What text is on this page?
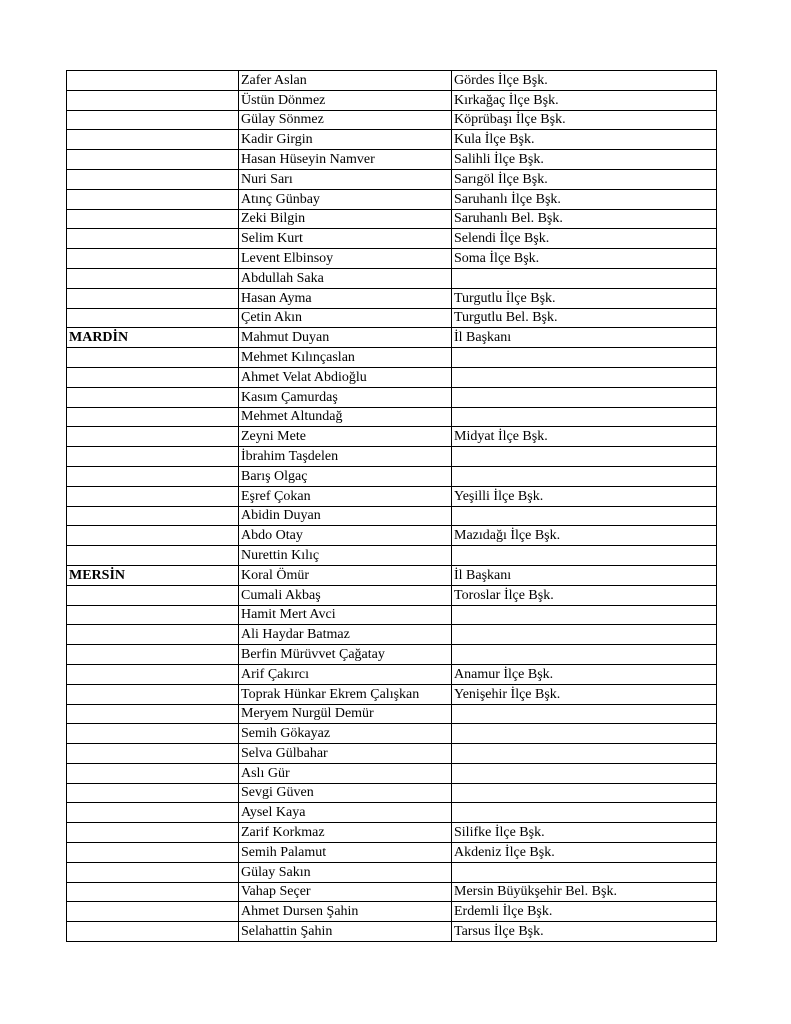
	Zafer Aslan	Gördes İlçe Bşk.
	Üstün Dönmez	Kırkağaç İlçe Bşk.
	Gülay Sönmez	Köprübaşı İlçe Bşk.
	Kadir Girgin	Kula İlçe Bşk.
	Hasan Hüseyin Namver	Salihli İlçe Bşk.
	Nuri Sarı	Sarıgöl İlçe Bşk.
	Atınç Günbay	Saruhanlı İlçe Bşk.
	Zeki Bilgin	Saruhanlı Bel. Bşk.
	Selim Kurt	Selendi İlçe Bşk.
	Levent Elbinsoy	Soma İlçe Bşk.
	Abdullah Saka	
	Hasan Ayma	Turgutlu İlçe Bşk.
	Çetin Akın	Turgutlu Bel. Bşk.
MARDİN	Mahmut Duyan	İl Başkanı
	Mehmet Kılınçaslan	
	Ahmet Velat Abdioğlu	
	Kasım Çamurdaş	
	Mehmet Altundağ	
	Zeyni Mete	Midyat İlçe Bşk.
	İbrahim Taşdelen	
	Barış Olgaç	
	Eşref Çokan	Yeşilli İlçe Bşk.
	Abidin Duyan	
	Abdo Otay	Mazıdağı İlçe Bşk.
	Nurettin Kılıç	
MERSİN	Koral Ömür	İl Başkanı
	Cumali Akbaş	Toroslar İlçe Bşk.
	Hamit Mert Avci	
	Ali Haydar Batmaz	
	Berfin Mürüvvet Çağatay	
	Arif Çakırcı	Anamur İlçe Bşk.
	Toprak Hünkar Ekrem Çalışkan	Yenişehir İlçe Bşk.
	Meryem Nurgül Demür	
	Semih Gökayaz	
	Selva Gülbahar	
	Aslı Gür	
	Sevgi Güven	
	Aysel Kaya	
	Zarif Korkmaz	Silifke İlçe Bşk.
	Semih Palamut	Akdeniz İlçe Bşk.
	Gülay Sakın	
	Vahap Seçer	Mersin Büyükşehir Bel. Bşk.
	Ahmet Dursen Şahin	Erdemli İlçe Bşk.
	Selahattin Şahin	Tarsus İlçe Bşk.
